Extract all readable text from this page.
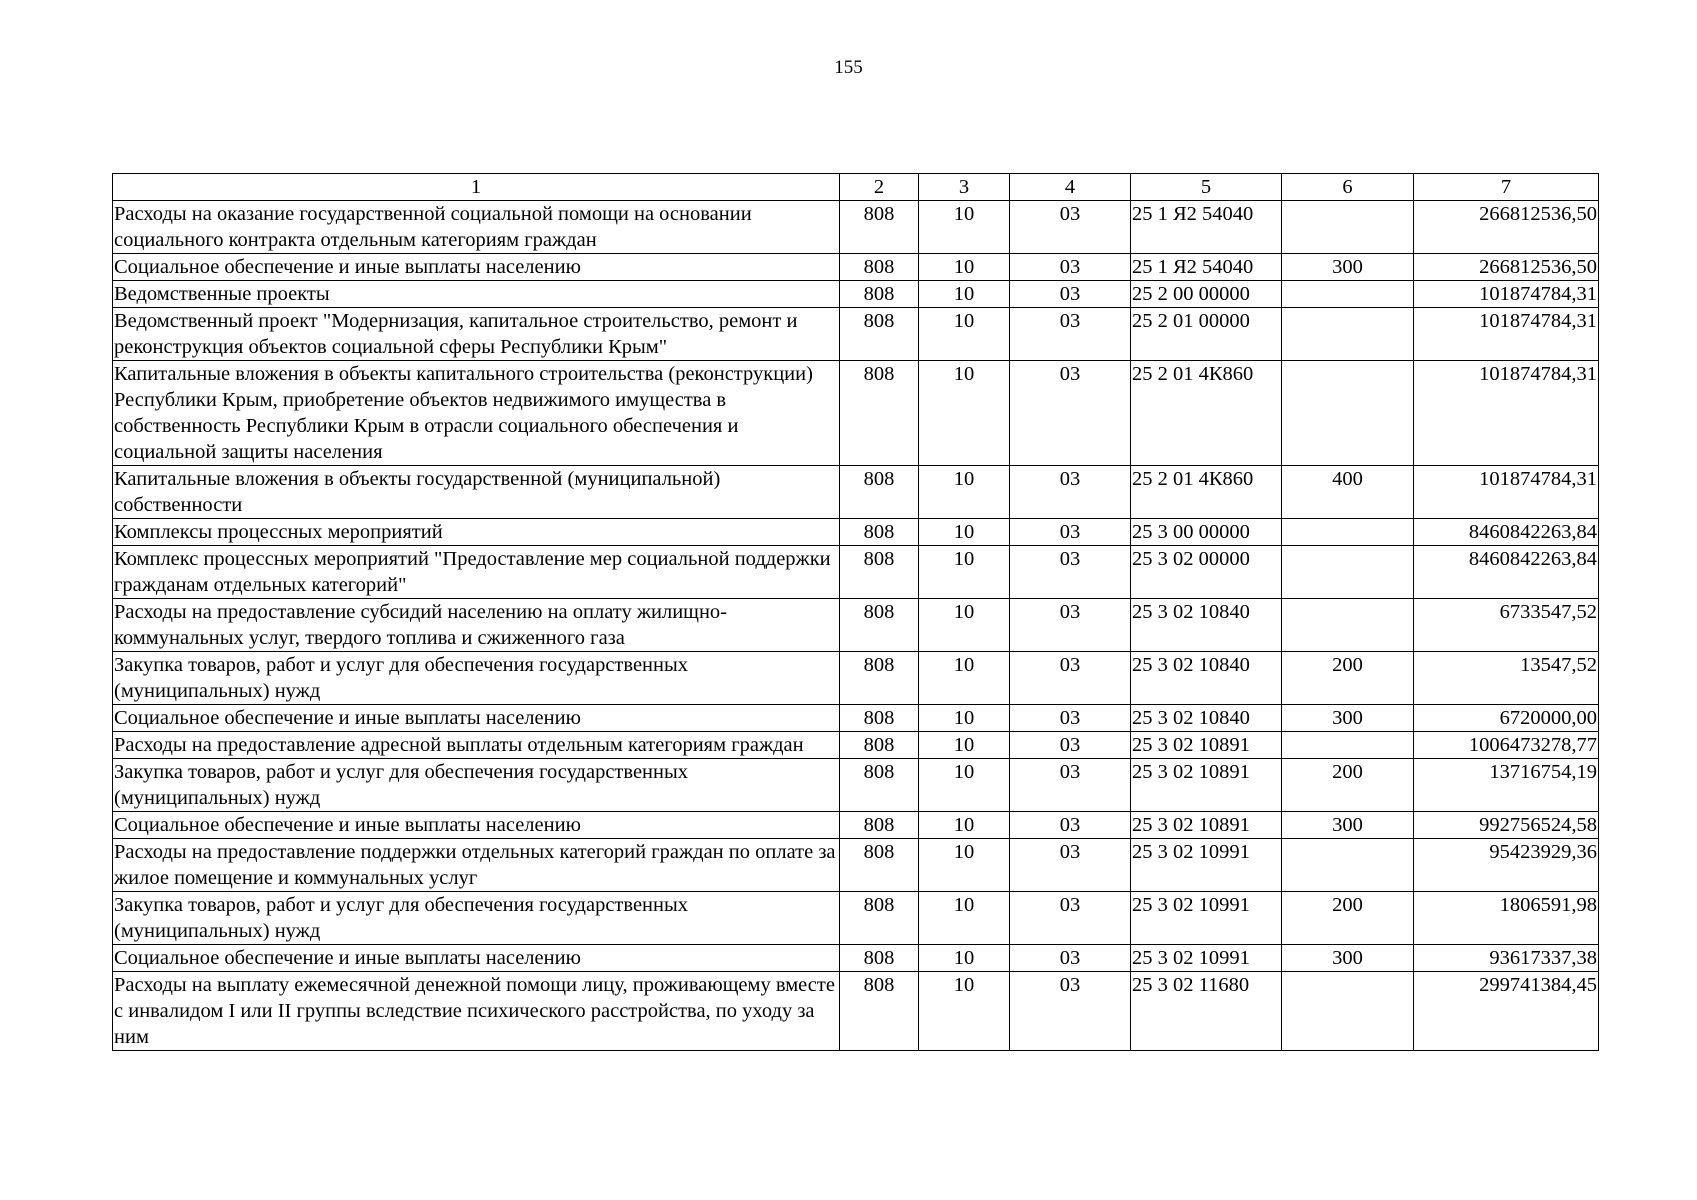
155
1	2	3	4	5	6	7
Расходы на оказание государственной социальной помощи на основании социального контракта отдельным категориям граждан	808	10	03	25 1 Я2 54040		266812536,50
Социальное обеспечение и иные выплаты населению	808	10	03	25 1 Я2 54040	300	266812536,50
Ведомственные проекты	808	10	03	25 2 00 00000		101874784,31
Ведомственный проект "Модернизация, капитальное строительство, ремонт и реконструкция объектов социальной сферы Республики Крым"	808	10	03	25 2 01 00000		101874784,31
Капитальные вложения в объекты капитального строительства (реконструкции) Республики Крым, приобретение объектов недвижимого имущества в собственность Республики Крым в отрасли социального обеспечения и социальной защиты населения	808	10	03	25 2 01 4К860		101874784,31
Капитальные вложения в объекты государственной (муниципальной) собственности	808	10	03	25 2 01 4К860	400	101874784,31
Комплексы процессных мероприятий	808	10	03	25 3 00 00000		8460842263,84
Комплекс процессных мероприятий "Предоставление мер социальной поддержки гражданам отдельных категорий"	808	10	03	25 3 02 00000		8460842263,84
Расходы на предоставление субсидий населению на оплату жилищно-коммунальных услуг, твердого топлива и сжиженного газа	808	10	03	25 3 02 10840		6733547,52
Закупка товаров, работ и услуг для обеспечения государственных (муниципальных) нужд	808	10	03	25 3 02 10840	200	13547,52
Социальное обеспечение и иные выплаты населению	808	10	03	25 3 02 10840	300	6720000,00
Расходы на предоставление адресной выплаты отдельным категориям граждан	808	10	03	25 3 02 10891		1006473278,77
Закупка товаров, работ и услуг для обеспечения государственных (муниципальных) нужд	808	10	03	25 3 02 10891	200	13716754,19
Социальное обеспечение и иные выплаты населению	808	10	03	25 3 02 10891	300	992756524,58
Расходы на предоставление поддержки отдельных категорий граждан по оплате за жилое помещение и коммунальных услуг	808	10	03	25 3 02 10991		95423929,36
Закупка товаров, работ и услуг для обеспечения государственных (муниципальных) нужд	808	10	03	25 3 02 10991	200	1806591,98
Социальное обеспечение и иные выплаты населению	808	10	03	25 3 02 10991	300	93617337,38
Расходы на выплату ежемесячной денежной помощи лицу, проживающему вместе с инвалидом I или II группы вследствие психического расстройства, по уходу за ним	808	10	03	25 3 02 11680		299741384,45
